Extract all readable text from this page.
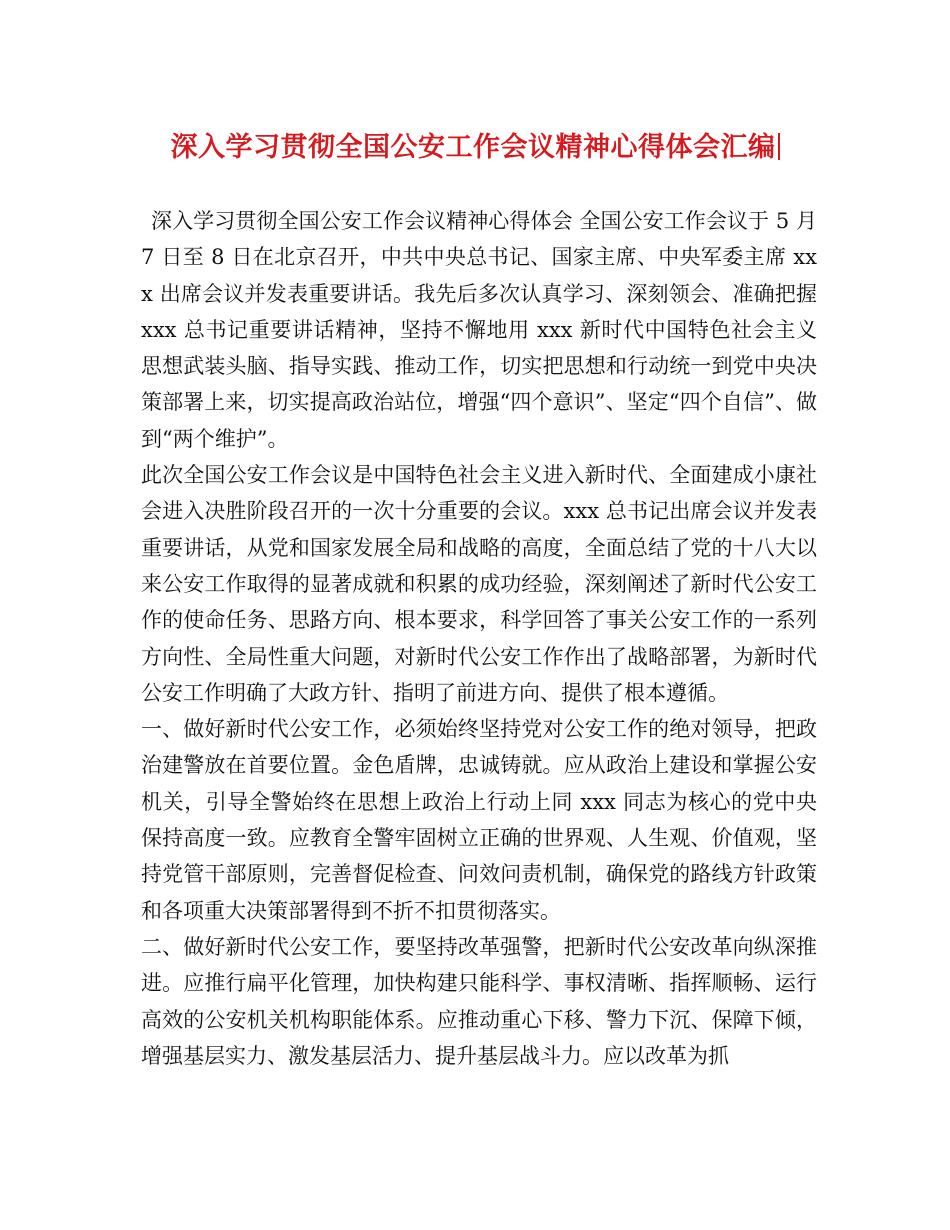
深入学习贯彻全国公安工作会议精神心得体会汇编

深入学习贯彻全国公安工作会议精神心得体会 全国公安工作会议于 5 月 7 日至 8 日在北京召开，中共中央总书记、国家主席、中央军委主席 xxx 出席会议并发表重要讲话。我先后多次认真学习、深刻领会、准确把握 xxx 总书记重要讲话精神，坚持不懈地用 xxx 新时代中国特色社会主义思想武装头脑、指导实践、推动工作，切实把思想和行动统一到党中央决策部署上来，切实提高政治站位，增强“四个意识”、坚定“四个自信”、做到“两个维护”。

此次全国公安工作会议是中国特色社会主义进入新时代、全面建成小康社会进入决胜阶段召开的一次十分重要的会议。xxx 总书记出席会议并发表重要讲话，从党和国家发展全局和战略的高度，全面总结了党的十八大以来公安工作取得的显著成就和积累的成功经验，深刻阐述了新时代公安工作的使命任务、思路方向、根本要求，科学回答了事关公安工作的一系列方向性、全局性重大问题，对新时代公安工作作出了战略部署，为新时代公安工作明确了大政方针、指明了前进方向、提供了根本遵循。

一、做好新时代公安工作，必须始终坚持党对公安工作的绝对领导，把政治建警放在首要位置。金色盾牌，忠诚铸就。应从政治上建设和掌握公安机关，引导全警始终在思想上政治上行动上同 xxx 同志为核心的党中央保持高度一致。应教育全警牢固树立正确的世界观、人生观、价值观，坚持党管干部原则，完善督促检查、问效问责机制，确保党的路线方针政策和各项重大决策部署得到不折不扣贯彻落实。

二、做好新时代公安工作，要坚持改革强警，把新时代公安改革向纵深推进。应推行扁平化管理，加快构建只能科学、事权清晰、指挥顺畅、运行高效的公安机关机构职能体系。应推动重心下移、警力下沉、保障下倾，增强基层实力、激发基层活力、提升基层战斗力。应以改革为抓
